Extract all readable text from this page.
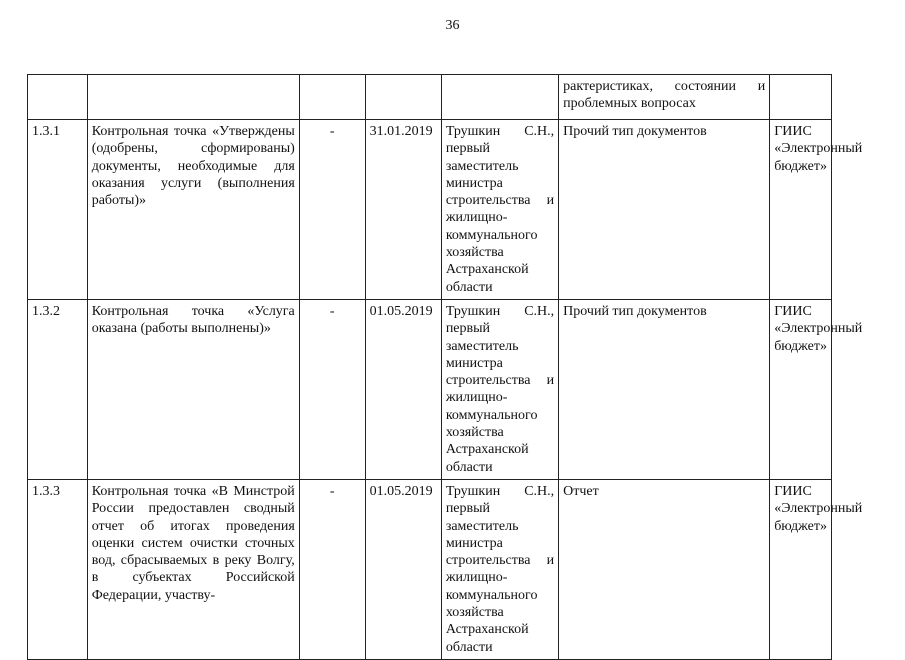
36
					рактеристиках, состоянии и проблемных вопросах	
1.3.1	Контрольная точка «Утверждены (одобрены, сформированы) документы, необходимые для оказания услуги (выполнения работы)»	-	31.01.2019	Трушкин С.Н., первый заместитель министра строительства и жилищно-коммунального хозяйства Астраханской области	Прочий тип документов	ГИИС «Электронный бюджет»
1.3.2	Контрольная точка «Услуга оказана (работы выполнены)»	-	01.05.2019	Трушкин С.Н., первый заместитель министра строительства и жилищно-коммунального хозяйства Астраханской области	Прочий тип документов	ГИИС «Электронный бюджет»
1.3.3	Контрольная точка «В Минстрой России предоставлен сводный отчет об итогах проведения оценки систем очистки сточных вод, сбрасываемых в реку Волгу, в субъектах Российской Федерации, участву-	-	01.05.2019	Трушкин С.Н., первый заместитель министра строительства и жилищно-коммунального хозяйства Астраханской области	Отчет	ГИИС «Электронный бюджет»
